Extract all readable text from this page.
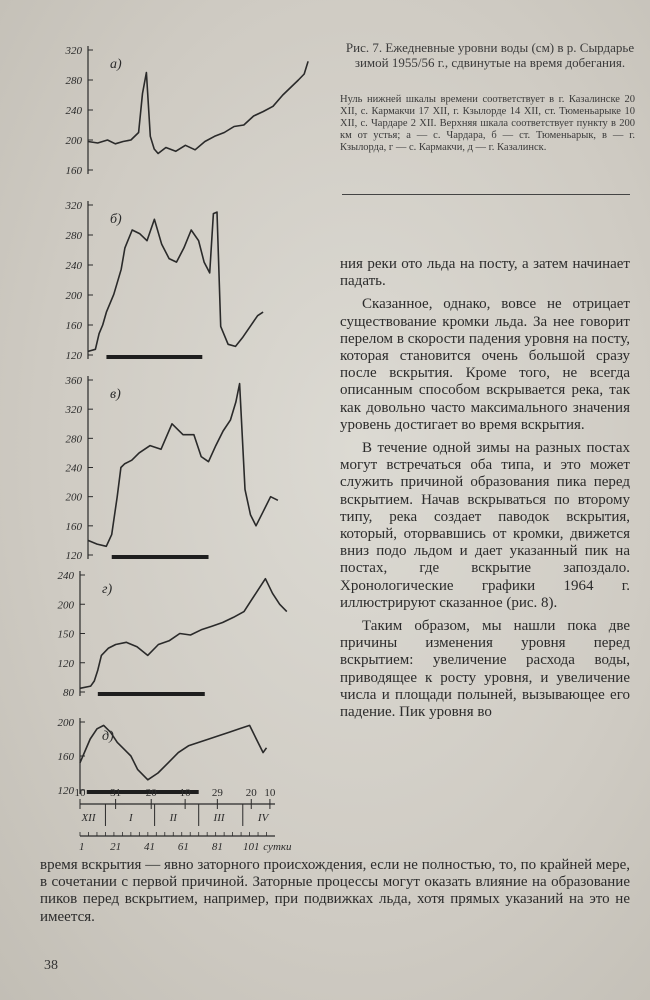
320
280
240
200
160
а)
320
280
240
200
160
120
б)
360
320
280
240
200
160
120
в)
240
200
150
120
80
г)
200
160
120
д)
10 31 20 10 29 20 10
XII	I	II	III	IV
1 21 41 61 81 101 сутки
Рис. 7. Ежедневные уровни воды (см) в р. Сырдарье зимой 1955/56 г., сдвинутые на время добегания.
Нуль нижней шкалы времени соответствует в г. Казалинске 20 XII, с. Кармакчи 17 XII, г. Кзылорде 14 XII, ст. Тюменьарыке 10 XII, с. Чардаре 2 XII. Верхняя шкала соответствует пункту в 200 км от устья; а — с. Чардара, б — ст. Тюменьарык, в — г. Кзылорда, г — с. Кармакчи, д — г. Казалинск.

ния реки ото льда на посту, а затем начинает падать.

Сказанное, однако, вовсе не отрицает существование кромки льда. За нее говорит перелом в скорости падения уровня на посту, которая становится очень большой сразу после вскрытия. Кроме того, не всегда описанным способом вскрывается река, так как довольно часто максимального значения уровень достигает во время вскрытия.

В течение одной зимы на разных постах могут встречаться оба типа, и это может служить причиной образования пика перед вскрытием. Начав вскрываться по второму типу, река создает паводок вскрытия, который, оторвавшись от кромки, движется вниз подо льдом и дает указанный пик на постах, где вскрытие запоздало. Хронологические графики 1964 г. иллюстрируют сказанное (рис. 8).

Таким образом, мы нашли пока две причины изменения уровня перед вскрытием: увеличение расхода воды, приводящее к росту уровня, и увеличение числа и площади полыней, вызывающее его падение. Пик уровня во

время вскрытия — явно заторного происхождения, если не полностью, то, по крайней мере, в сочетании с первой причиной. Заторные процессы могут оказать влияние на образование пиков перед вскрытием, например, при подвижках льда, хотя прямых указаний на это не имеется.
38
